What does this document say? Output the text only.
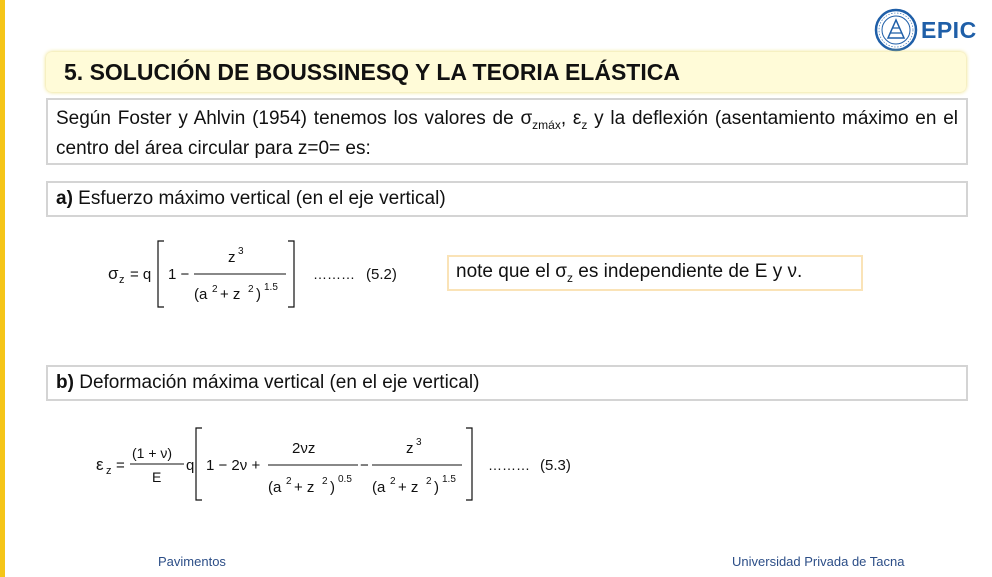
EPIC
5. SOLUCIÓN DE BOUSSINESQ Y LA TEORIA ELÁSTICA

Según Foster y Ahlvin (1954) tenemos los valores de $\sigma_{zmáx}$, $\varepsilon_z$ y la deflexión (asentamiento máximo en el centro del área circular para z=0= es:

a) Esfuerzo máximo vertical (en el eje vertical)

σ z = q 1 −
z 3
(a 2 + z 2 ) 1.5
……… (5.2)	note que el $\sigma_z$ es independiente de E y ν.

b) Deformación máxima vertical (en el eje vertical)

ε z =
(1 + ν)
E
q 1 − 2ν +
2νz
(a 2 + z 2 ) 0.5
−
z 3
(a 2 + z 2 ) 1.5
……… (5.3)
Pavimentos	Universidad Privada de Tacna
